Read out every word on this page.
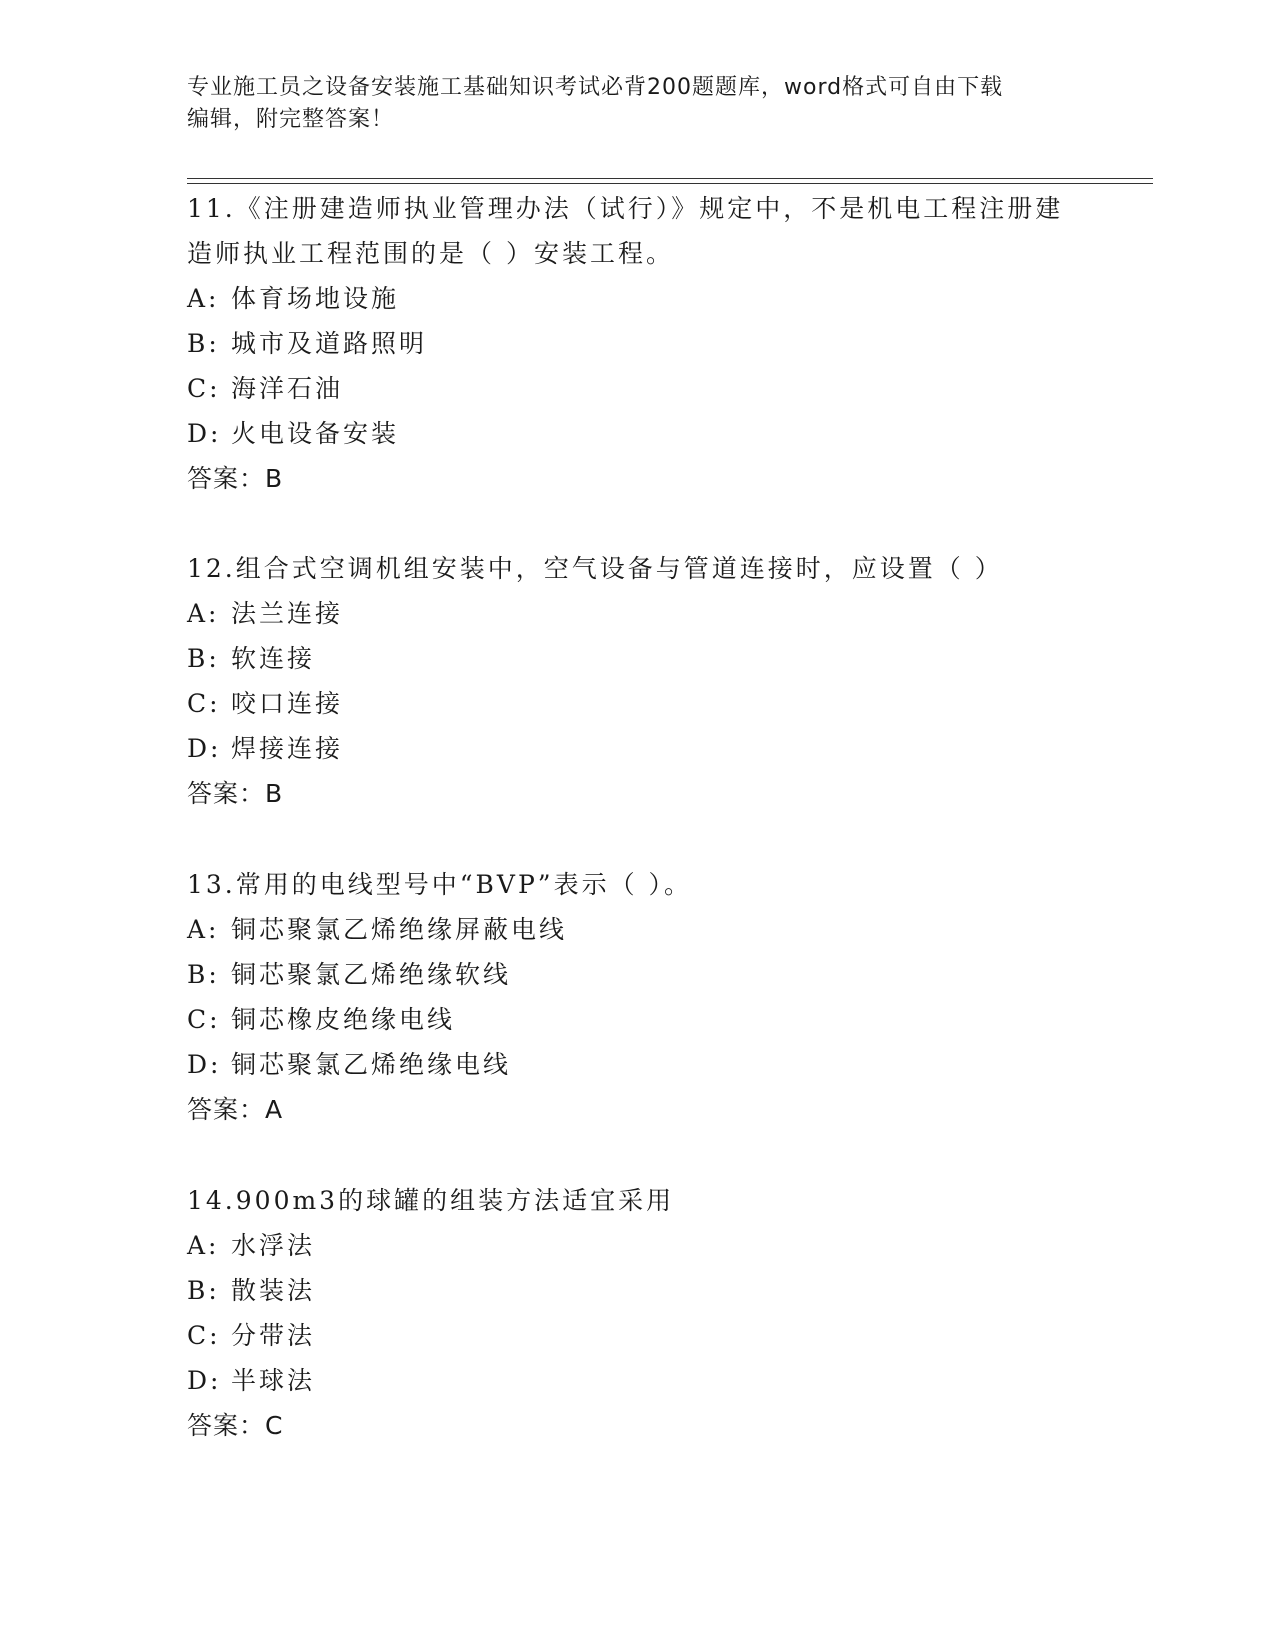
专业施工员之设备安装施工基础知识考试必背200题题库，word格式可自由下载
编辑，附完整答案！

11.《注册建造师执业管理办法（试行）》规定中，不是机电工程注册建造师执业工程范围的是（ ）安装工程。

A: 体育场地设施
B: 城市及道路照明
C: 海洋石油
D: 火电设备安装

答案：B

12.组合式空调机组安装中，空气设备与管道连接时，应设置（ ）

A: 法兰连接
B: 软连接
C: 咬口连接
D: 焊接连接

答案：B

13.常用的电线型号中“BVP”表示（ ）。

A: 铜芯聚氯乙烯绝缘屏蔽电线
B: 铜芯聚氯乙烯绝缘软线
C: 铜芯橡皮绝缘电线
D: 铜芯聚氯乙烯绝缘电线

答案：A

14.900m3的球罐的组装方法适宜采用

A: 水浮法
B: 散装法
C: 分带法
D: 半球法

答案：C
